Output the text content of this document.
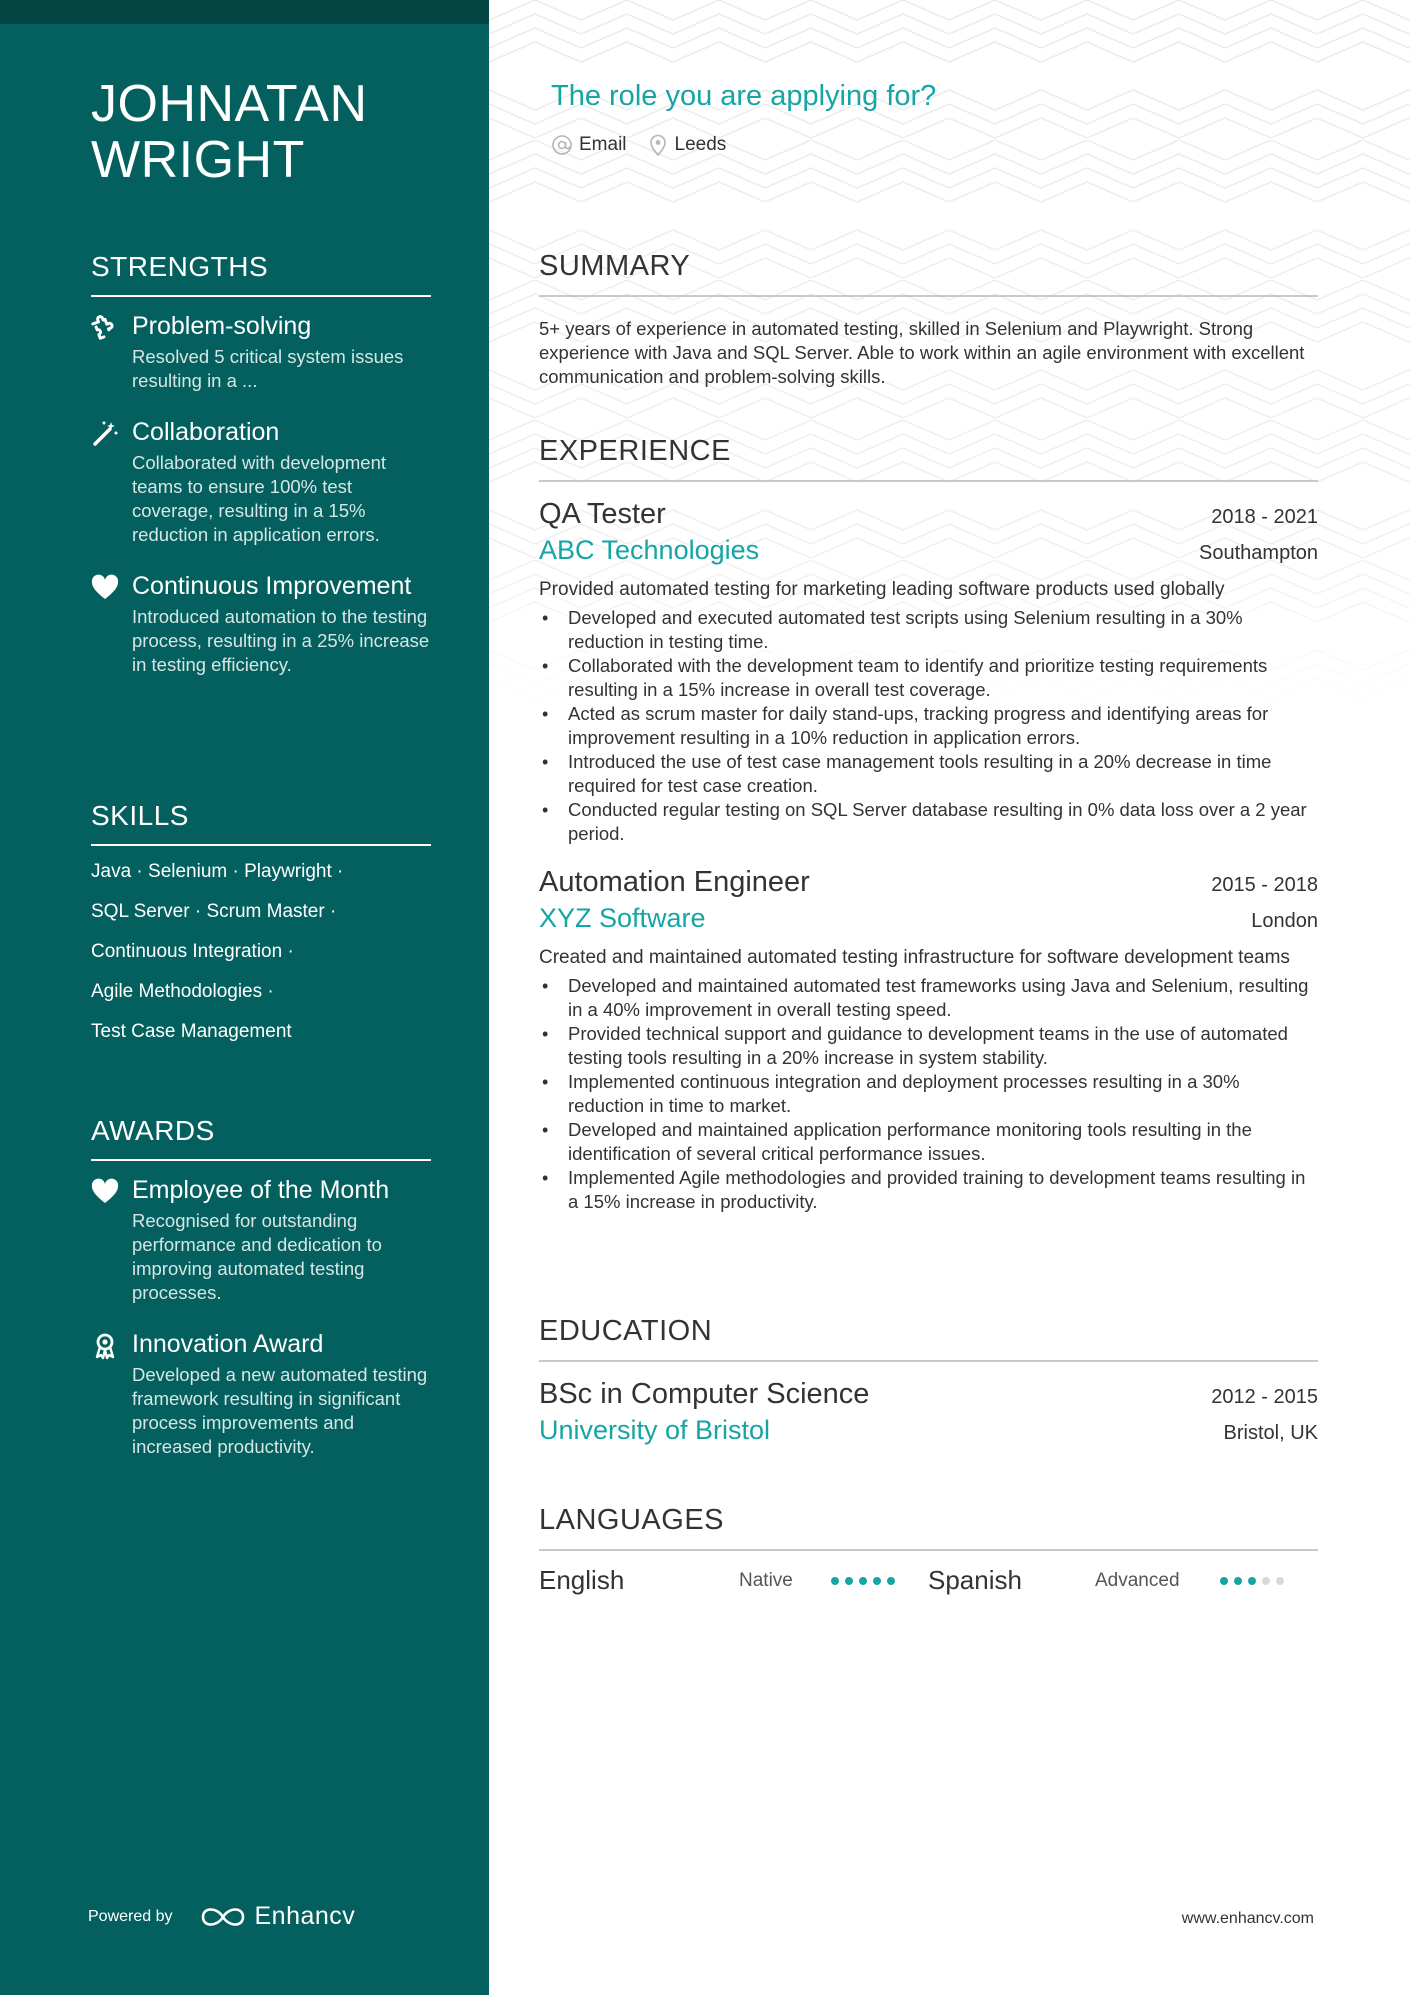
JOHNATAN WRIGHT
STRENGTHS
Problem-solving
Resolved 5 critical system issues resulting in a ...
Collaboration
Collaborated with development teams to ensure 100% test coverage, resulting in a 15% reduction in application errors.
Continuous Improvement
Introduced automation to the testing process, resulting in a 25% increase in testing efficiency.
SKILLS
Java · Selenium · Playwright ·
SQL Server · Scrum Master ·
Continuous Integration ·
Agile Methodologies ·
Test Case Management
AWARDS
Employee of the Month
Recognised for outstanding performance and dedication to improving automated testing processes.
Innovation Award
Developed a new automated testing framework resulting in significant process improvements and increased productivity.
Powered by	Enhancv
The role you are applying for?
Email	Leeds
SUMMARY

5+ years of experience in automated testing, skilled in Selenium and Playwright. Strong experience with Java and SQL Server. Able to work within an agile environment with excellent communication and problem-solving skills.

EXPERIENCE
QA Tester	2018 - 2021
ABC Technologies	Southampton
Provided automated testing for marketing leading software products used globally
• Developed and executed automated test scripts using Selenium resulting in a 30% reduction in testing time.
• Collaborated with the development team to identify and prioritize testing requirements resulting in a 15% increase in overall test coverage.
• Acted as scrum master for daily stand-ups, tracking progress and identifying areas for improvement resulting in a 10% reduction in application errors.
• Introduced the use of test case management tools resulting in a 20% decrease in time required for test case creation.
• Conducted regular testing on SQL Server database resulting in 0% data loss over a 2 year period.
Automation Engineer	2015 - 2018
XYZ Software	London
Created and maintained automated testing infrastructure for software development teams
• Developed and maintained automated test frameworks using Java and Selenium, resulting in a 40% improvement in overall testing speed.
• Provided technical support and guidance to development teams in the use of automated testing tools resulting in a 20% increase in system stability.
• Implemented continuous integration and deployment processes resulting in a 30% reduction in time to market.
• Developed and maintained application performance monitoring tools resulting in the identification of several critical performance issues.
• Implemented Agile methodologies and provided training to development teams resulting in a 15% increase in productivity.
EDUCATION
BSc in Computer Science	2012 - 2015
University of Bristol	Bristol, UK
LANGUAGES
English	Native	Spanish	Advanced
www.enhancv.com
